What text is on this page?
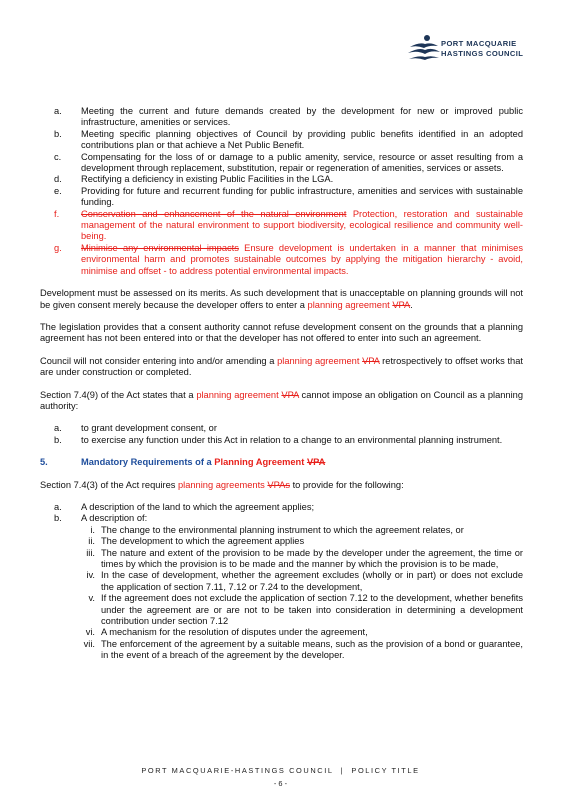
PORT MACQUARIE
HASTINGS COUNCIL
a. Meeting the current and future demands created by the development for new or improved public infrastructure, amenities or services.
b. Meeting specific planning objectives of Council by providing public benefits identified in an adopted contributions plan or that achieve a Net Public Benefit.
c. Compensating for the loss of or damage to a public amenity, service, resource or asset resulting from a development through replacement, substitution, repair or regeneration of amenities, services or assets.
d. Rectifying a deficiency in existing Public Facilities in the LGA.
e. Providing for future and recurrent funding for public infrastructure, amenities and services with sustainable funding.
f. Conservation and enhancement of the natural environment Protection, restoration and sustainable management of the natural environment to support biodiversity, ecological resilience and community well-being.
g. Minimise any environmental impacts Ensure development is undertaken in a manner that minimises environmental harm and promotes sustainable outcomes by applying the mitigation hierarchy - avoid, minimise and offset - to address potential environmental impacts.

Development must be assessed on its merits. As such development that is unacceptable on planning grounds will not be given consent merely because the developer offers to enter a planning agreement VPA.

The legislation provides that a consent authority cannot refuse development consent on the grounds that a planning agreement has not been entered into or that the developer has not offered to enter into such an agreement.

Council will not consider entering into and/or amending a planning agreement VPA retrospectively to offset works that are under construction or completed.

Section 7.4(9) of the Act states that a planning agreement VPA cannot impose an obligation on Council as a planning authority:

a. to grant development consent, or
b. to exercise any function under this Act in relation to a change to an environmental planning instrument.

5.	Mandatory Requirements of a Planning Agreement VPA

Section 7.4(3) of the Act requires planning agreements VPAs to provide for the following:

a. A description of the land to which the agreement applies;
b. A description of:
i. The change to the environmental planning instrument to which the agreement relates, or
ii. The development to which the agreement applies
iii. The nature and extent of the provision to be made by the developer under the agreement, the time or times by which the provision is to be made and the manner by which the provision is to be made,
iv. In the case of development, whether the agreement excludes (wholly or in part) or does not exclude the application of section 7.11, 7.12 or 7.24 to the development,
v. If the agreement does not exclude the application of section 7.12 to the development, whether benefits under the agreement are or are not to be taken into consideration in determining a development contribution under section 7.12
vi. A mechanism for the resolution of disputes under the agreement,
vii. The enforcement of the agreement by a suitable means, such as the provision of a bond or guarantee, in the event of a breach of the agreement by the developer.
PORT MACQUARIE-HASTINGS COUNCIL  |  POLICY TITLE
- 6 -
